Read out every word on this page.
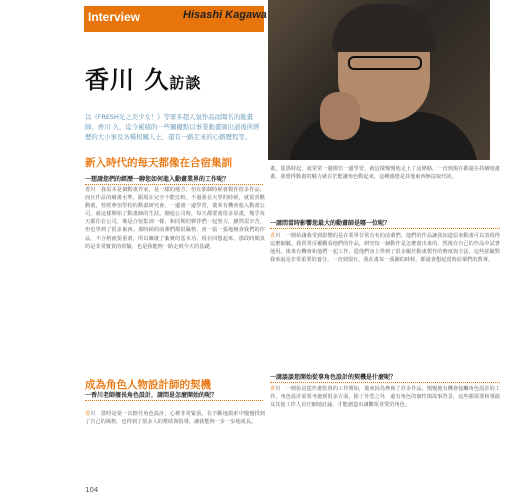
Interview	Hisashi Kagawa
香川 久訪談

以《FRESH光之美少女！》等眾多超人氣作品而聞名的動畫師，香川 久，迄今累積的一些關鍵點以事業動畫師出道後所經歷的大小事及各種相關人士，還有一路走來的心路歷程等。

新入時代的每天都像在合宿集訓
一想請您們的經歷一聊您如何進入動畫業界的工作呢？

香川　我原本是個動畫作家，是一樣的地方，但在那個時候會製作很多作品，而且作品的繪畫水準，跟現在完全不能比較。不過我在大學的時候，就很喜歡動畫，曾經參加學校的動畫研究會，一邊畫一邊學習，後來有機會進入動畫公司，就這樣開始了動畫師的生涯。剛進公司時，每天都要畫很多原畫，幾乎每天都住在公司，像是合宿集訓一樣，和同期的夥伴們一起努力，雖然很辛苦，但也學到了很多東西。那時候的前輩們都很嚴格，會一張一張地檢查我們的作品，不合格就要重畫，所以練就了紮實的基本功。現在回想起來，那段時間真的是非常寶貴的經驗，也是我能夠一路走到今天的基礎。

成為角色人物設計師的契機
一香川老師擅長角色設計，請問是怎麼開始的呢？

香川　當時是第一次擔任角色設計，心裡非常緊張，在不斷地摸索中慢慢找到了自己的風格，也得到了很多人的幫助與指導，讓我能夠一步一步地成長。

畫，從那時起，就常常一邊模仿一邊學習，就這樣慢慢地走上了這條路，一直到現在都還在持續地畫畫。我覺得動畫的魅力就在於能讓角色動起來，這種感覺是其他東西無法取代的。

一請問當時影響您最大的動畫師是哪一位呢？

香川　一開始讓我受到影響的是在業界非常有名的前輩們，他們的作品讓我知道原來動畫可以表現得這麼細膩。我常常反覆觀看他們的作品，研究每一個動作是怎麼畫出來的，然後在自己的作品中試著運用。後來有機會和他們一起工作，從他們身上學到了很多關於動畫製作的態度與方法，這些經驗對我來說是非常重要的養分。一直到現在，我在畫每一張圖的時候，都還會想起當時前輩們的教導。

一請談談您開始從事角色設計的契機是什麼呢？

香川　一開始是從作畫監督的工作開始，後來因為參與了許多作品，慢慢地有機會接觸角色設計的工作。角色設計需要考慮到很多方面，除了外型之外，還有角色的個性與故事背景，這些都需要和導演及其他工作人員仔細地討論，才能創造出讓觀眾喜愛的角色。

104
